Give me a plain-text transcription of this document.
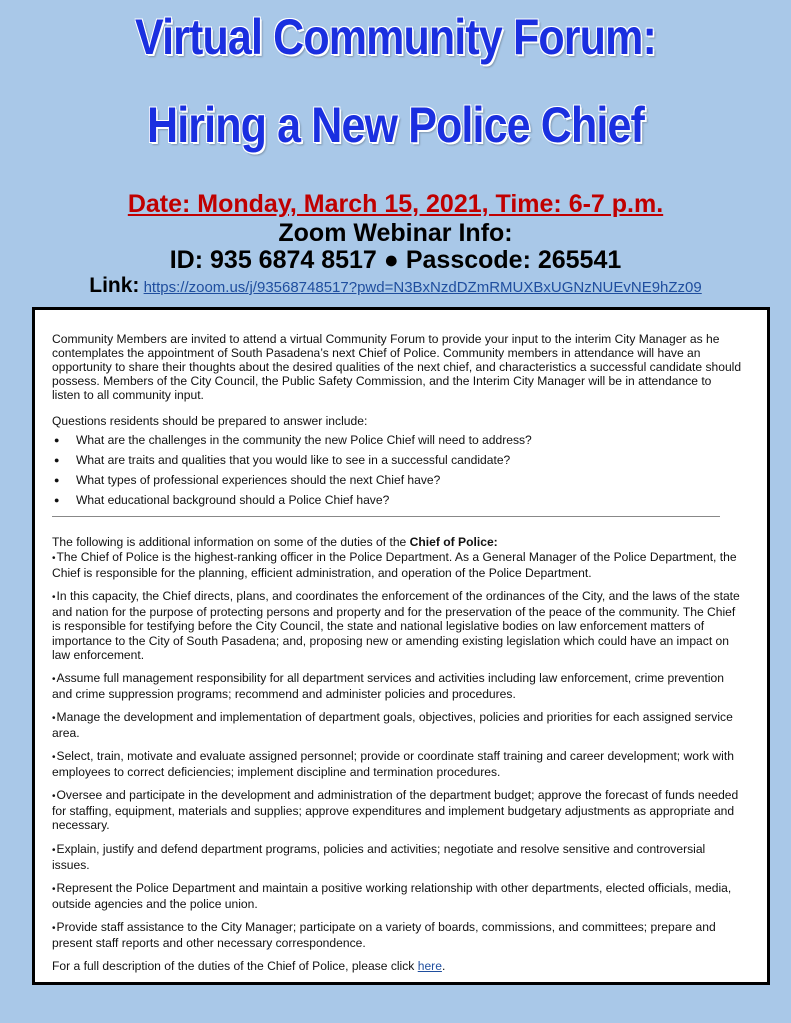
Virtual Community Forum:
Hiring a New Police Chief
Date: Monday, March 15, 2021, Time: 6-7 p.m.
Zoom Webinar Info:
ID: 935 6874 8517 ● Passcode: 265541
Link: https://zoom.us/j/93568748517?pwd=N3BxNzdDZmRMUXBxUGNzNUEvNE9hZz09

Community Members are invited to attend a virtual Community Forum to provide your input to the interim City Manager as he contemplates the appointment of South Pasadena’s next Chief of Police. Community members in attendance will have an opportunity to share their thoughts about the desired qualities of the next chief, and characteristics a successful candidate should possess. Members of the City Council, the Public Safety Commission, and the Interim City Manager will be in attendance to listen to all community input.

Questions residents should be prepared to answer include:

● What are the challenges in the community the new Police Chief will need to address?
● What are traits and qualities that you would like to see in a successful candidate?
● What types of professional experiences should the next Chief have?
● What educational background should a Police Chief have?

The following is additional information on some of the duties of the Chief of Police:

•The Chief of Police is the highest-ranking officer in the Police Department. As a General Manager of the Police Department, the Chief is responsible for the planning, efficient administration, and operation of the Police Department.

•In this capacity, the Chief directs, plans, and coordinates the enforcement of the ordinances of the City, and the laws of the state and nation for the purpose of protecting persons and property and for the preservation of the peace of the community. The Chief is responsible for testifying before the City Council, the state and national legislative bodies on law enforcement matters of importance to the City of South Pasadena; and, proposing new or amending existing legislation which could have an impact on law enforcement.

•Assume full management responsibility for all department services and activities including law enforcement, crime prevention and crime suppression programs; recommend and administer policies and procedures.

•Manage the development and implementation of department goals, objectives, policies and priorities for each assigned service area.

•Select, train, motivate and evaluate assigned personnel; provide or coordinate staff training and career development; work with employees to correct deficiencies; implement discipline and termination procedures.

•Oversee and participate in the development and administration of the department budget; approve the forecast of funds needed for staffing, equipment, materials and supplies; approve expenditures and implement budgetary adjustments as appropriate and necessary.

•Explain, justify and defend department programs, policies and activities; negotiate and resolve sensitive and controversial issues.

•Represent the Police Department and maintain a positive working relationship with other departments, elected officials, media, outside agencies and the police union.

•Provide staff assistance to the City Manager; participate on a variety of boards, commissions, and committees; prepare and present staff reports and other necessary correspondence.

For a full description of the duties of the Chief of Police, please click here.
